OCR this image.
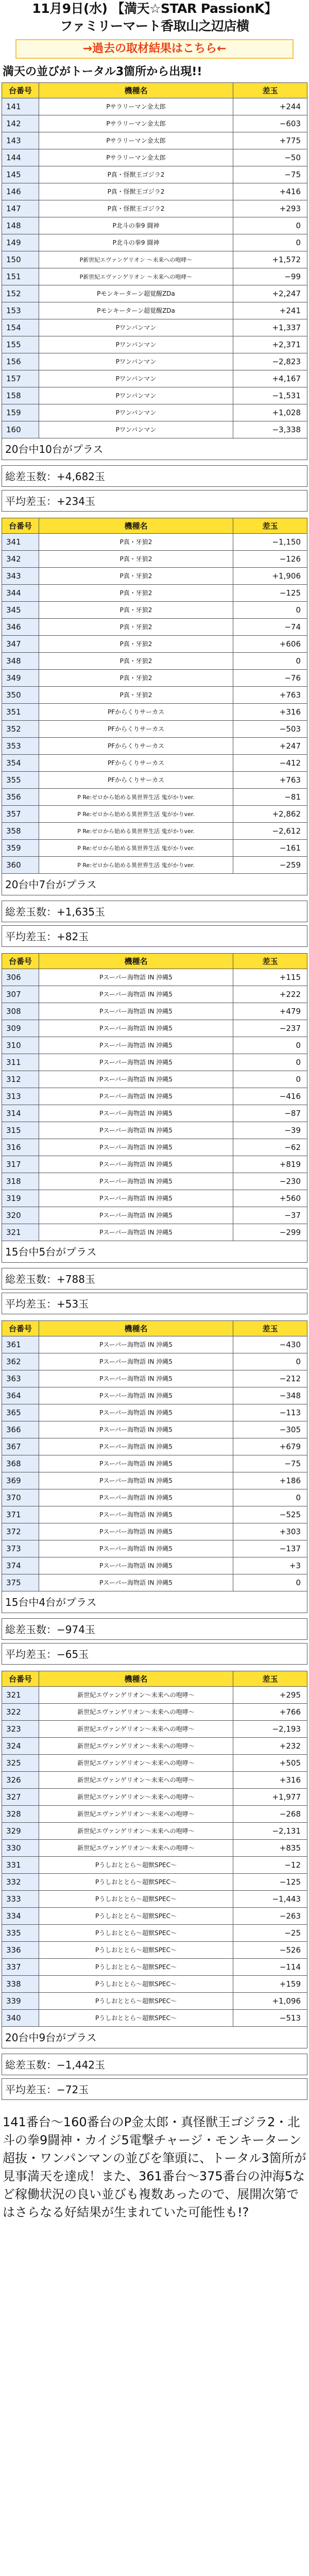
11月9日(水) 【満天☆STAR PassionK】
ファミリーマート香取山之辺店横
→過去の取材結果はこちら←
満天の並びがトータル3箇所から出現!!
台番号	機種名	差玉
141	Pサラリーマン金太郎	+244
142	Pサラリーマン金太郎	−603
143	Pサラリーマン金太郎	+775
144	Pサラリーマン金太郎	−50
145	P真・怪獣王ゴジラ2	−75
146	P真・怪獣王ゴジラ2	+416
147	P真・怪獣王ゴジラ2	+293
148	P北斗の拳9 闘神	0
149	P北斗の拳9 闘神	0
150	P新世紀エヴァンゲリオン 〜未来への咆哮〜	+1,572
151	P新世紀エヴァンゲリオン 〜未来への咆哮〜	−99
152	Pモンキーターン超覚醒ZDa	+2,247
153	Pモンキーターン超覚醒ZDa	+241
154	Pワンパンマン	+1,337
155	Pワンパンマン	+2,371
156	Pワンパンマン	−2,823
157	Pワンパンマン	+4,167
158	Pワンパンマン	−1,531
159	Pワンパンマン	+1,028
160	Pワンパンマン	−3,338
20台中10台がプラス
総差玉数：+4,682玉
平均差玉：+234玉
台番号	機種名	差玉
341	P真・牙狼2	−1,150
342	P真・牙狼2	−126
343	P真・牙狼2	+1,906
344	P真・牙狼2	−125
345	P真・牙狼2	0
346	P真・牙狼2	−74
347	P真・牙狼2	+606
348	P真・牙狼2	0
349	P真・牙狼2	−76
350	P真・牙狼2	+763
351	PFからくりサーカス	+316
352	PFからくりサーカス	−503
353	PFからくりサーカス	+247
354	PFからくりサーカス	−412
355	PFからくりサーカス	+763
356	P Re:ゼロから始める異世界生活 鬼がかりver.	−81
357	P Re:ゼロから始める異世界生活 鬼がかりver.	+2,862
358	P Re:ゼロから始める異世界生活 鬼がかりver.	−2,612
359	P Re:ゼロから始める異世界生活 鬼がかりver.	−161
360	P Re:ゼロから始める異世界生活 鬼がかりver.	−259
20台中7台がプラス
総差玉数：+1,635玉
平均差玉：+82玉
台番号	機種名	差玉
306	Pスーパー海物語 IN 沖縄5	+115
307	Pスーパー海物語 IN 沖縄5	+222
308	Pスーパー海物語 IN 沖縄5	+479
309	Pスーパー海物語 IN 沖縄5	−237
310	Pスーパー海物語 IN 沖縄5	0
311	Pスーパー海物語 IN 沖縄5	0
312	Pスーパー海物語 IN 沖縄5	0
313	Pスーパー海物語 IN 沖縄5	−416
314	Pスーパー海物語 IN 沖縄5	−87
315	Pスーパー海物語 IN 沖縄5	−39
316	Pスーパー海物語 IN 沖縄5	−62
317	Pスーパー海物語 IN 沖縄5	+819
318	Pスーパー海物語 IN 沖縄5	−230
319	Pスーパー海物語 IN 沖縄5	+560
320	Pスーパー海物語 IN 沖縄5	−37
321	Pスーパー海物語 IN 沖縄5	−299
15台中5台がプラス
総差玉数：+788玉
平均差玉：+53玉
台番号	機種名	差玉
361	Pスーパー海物語 IN 沖縄5	−430
362	Pスーパー海物語 IN 沖縄5	0
363	Pスーパー海物語 IN 沖縄5	−212
364	Pスーパー海物語 IN 沖縄5	−348
365	Pスーパー海物語 IN 沖縄5	−113
366	Pスーパー海物語 IN 沖縄5	−305
367	Pスーパー海物語 IN 沖縄5	+679
368	Pスーパー海物語 IN 沖縄5	−75
369	Pスーパー海物語 IN 沖縄5	+186
370	Pスーパー海物語 IN 沖縄5	0
371	Pスーパー海物語 IN 沖縄5	−525
372	Pスーパー海物語 IN 沖縄5	+303
373	Pスーパー海物語 IN 沖縄5	−137
374	Pスーパー海物語 IN 沖縄5	+3
375	Pスーパー海物語 IN 沖縄5	0
15台中4台がプラス
総差玉数：−974玉
平均差玉：−65玉
台番号	機種名	差玉
321	新世紀エヴァンゲリオン〜未来への咆哮〜	+295
322	新世紀エヴァンゲリオン〜未来への咆哮〜	+766
323	新世紀エヴァンゲリオン〜未来への咆哮〜	−2,193
324	新世紀エヴァンゲリオン〜未来への咆哮〜	+232
325	新世紀エヴァンゲリオン〜未来への咆哮〜	+505
326	新世紀エヴァンゲリオン〜未来への咆哮〜	+316
327	新世紀エヴァンゲリオン〜未来への咆哮〜	+1,977
328	新世紀エヴァンゲリオン〜未来への咆哮〜	−268
329	新世紀エヴァンゲリオン〜未来への咆哮〜	−2,131
330	新世紀エヴァンゲリオン〜未来への咆哮〜	+835
331	Pうしおととら〜超獣SPEC〜	−12
332	Pうしおととら〜超獣SPEC〜	−125
333	Pうしおととら〜超獣SPEC〜	−1,443
334	Pうしおととら〜超獣SPEC〜	−263
335	Pうしおととら〜超獣SPEC〜	−25
336	Pうしおととら〜超獣SPEC〜	−526
337	Pうしおととら〜超獣SPEC〜	−114
338	Pうしおととら〜超獣SPEC〜	+159
339	Pうしおととら〜超獣SPEC〜	+1,096
340	Pうしおととら〜超獣SPEC〜	−513
20台中9台がプラス
総差玉数：−1,442玉
平均差玉：−72玉
141番台〜160番台のP金太郎・真怪獣王ゴジラ2・北斗の拳9闘神・カイジ5電撃チャージ・モンキーターン超抜・ワンパンマンの並びを筆頭に、トータル3箇所が見事満天を達成！また、361番台〜375番台の沖海5など稼働状況の良い並びも複数あったので、展開次第ではさらなる好結果が生まれていた可能性も!?
